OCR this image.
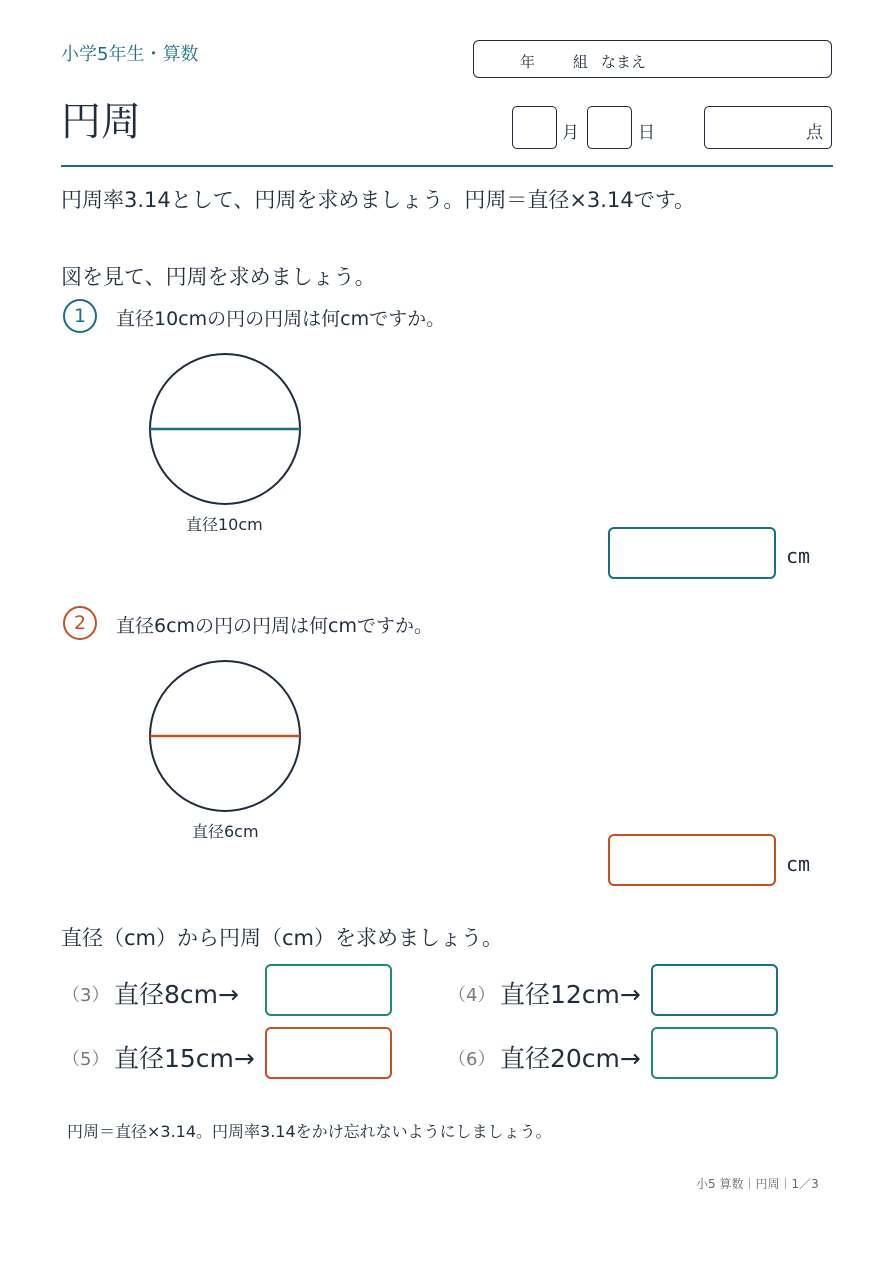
小学5年生・算数	年	組 なまえ
円周	月	日	点
円周率3.14として、円周を求めましょう。円周＝直径×3.14です。
図を見て、円周を求めましょう。
1	直径10cmの円の円周は何cmですか。
直径10cm
cm
2	直径6cmの円の円周は何cmですか。
直径6cm
cm
直径（cm）から円周（cm）を求めましょう。
（3） 直径8cm→	（4） 直径12cm→
（5） 直径15cm→	（6） 直径20cm→
円周＝直径×3.14。円周率3.14をかけ忘れないようにしましょう。
小5 算数｜円周｜1／3
